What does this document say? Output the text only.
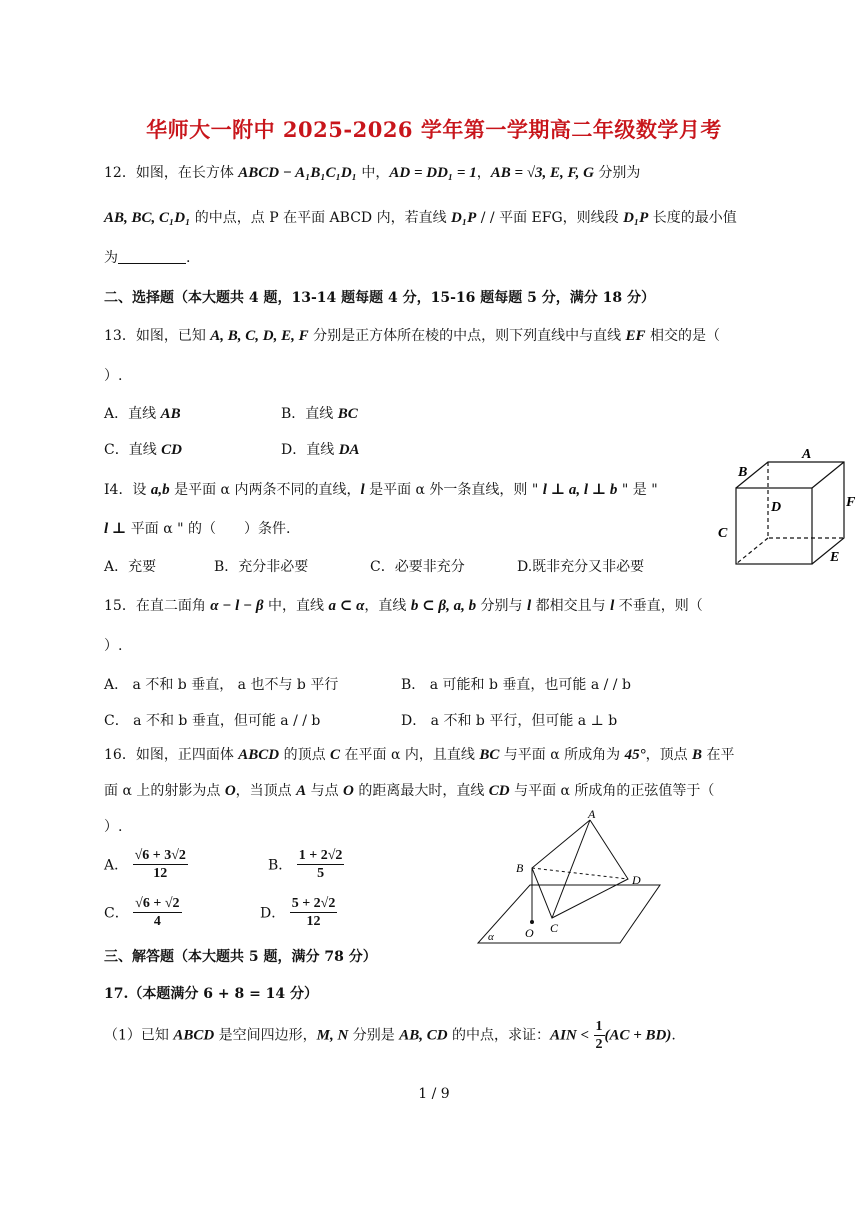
华师大一附中 2025-2026 学年第一学期高二年级数学月考
12．如图，在长方体 ABCD − A₁B₁C₁D₁ 中，AD = DD₁ = 1，AB = √3, E, F, G 分别为
AB, BC, C₁D₁ 的中点，点 P 在平面 ABCD 内，若直线 D₁P / / 平面 EFG，则线段 D₁P 长度的最小值
为	.
二、选择题（本大题共 4 题，13-14 题每题 4 分，15-16 题每题 5 分，满分 18 分）
13．如图，已知 A, B, C, D, E, F 分别是正方体所在棱的中点，则下列直线中与直线 EF 相交的是（
）.
A．直线 AB	B．直线 BC
C．直线 CD	D．直线 DA	A
B
C
D
E
F
I4．设 a,b 是平面 α 内两条不同的直线，l 是平面 α 外一条直线，则 " l ⊥ a, l ⊥ b " 是 "
l ⊥ 平面 α " 的（　　）条件.
A．充要	B．充分非必要	C．必要非充分	D.既非充分又非必要
15．在直二面角 α − l − β 中，直线 a ⊂ α，直线 b ⊂ β, a, b 分别与 l 都相交且与 l 不垂直，则（
）.
A． a 不和 b 垂直， a 也不与 b 平行	B． a 可能和 b 垂直，也可能 a / / b
C． a 不和 b 垂直，但可能 a / / b	D． a 不和 b 平行，但可能 a ⊥ b
16．如图，正四面体 ABCD 的顶点 C 在平面 α 内，且直线 BC 与平面 α 所成角为 45°，顶点 B 在平
面 α 上的射影为点 O，当顶点 A 与点 O 的距离最大时，直线 CD 与平面 α 所成角的正弦值等于（
）.
A． $\frac{√6 + 3√2}{12}$	B． $\frac{1 + 2√2}{5}$
C． $\frac{√6 + √2}{4}$	D． $\frac{5 + 2√2}{12}$
A
B
C
D
O
α
三、解答题（本大题共 5 题，满分 78 分）
17.（本题满分 6 + 8 = 14 分）
（1）已知 ABCD 是空间四边形，M, N 分别是 AB, CD 的中点，求证：AIN < $\frac{1}{2} (AC + BD)$.
1 / 9
